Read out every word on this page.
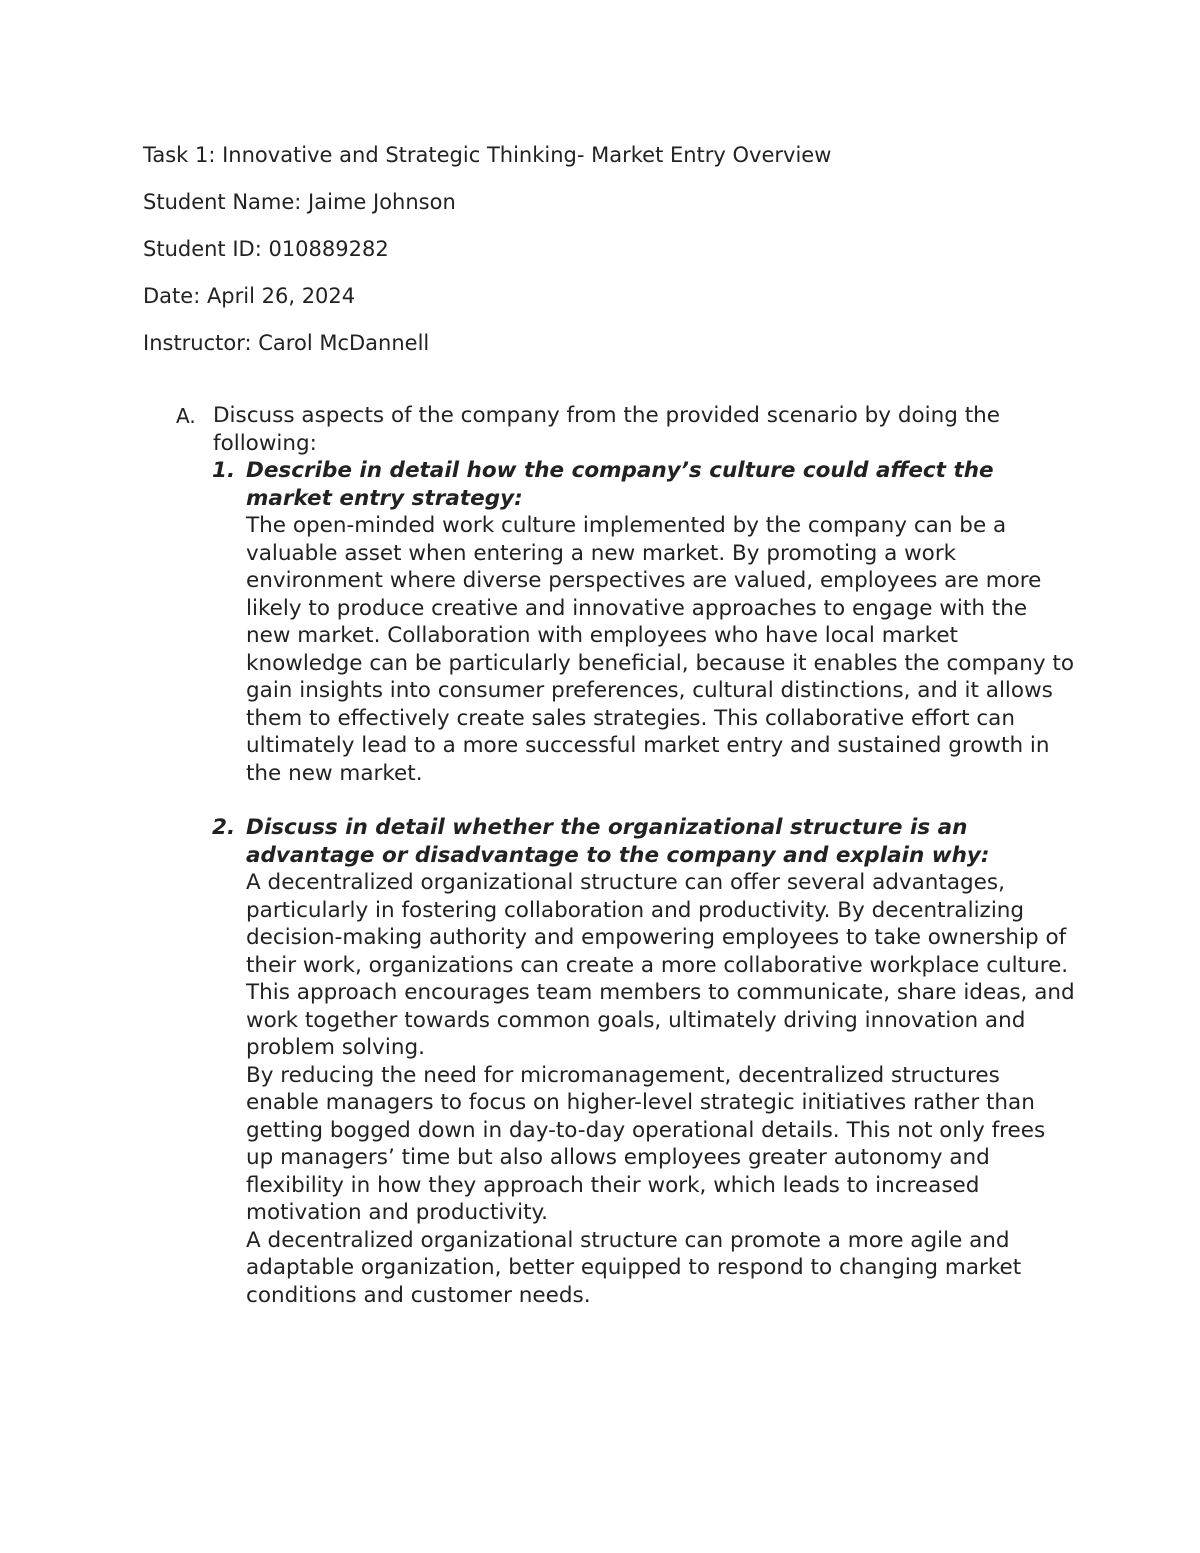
Task 1: Innovative and Strategic Thinking- Market Entry Overview

Student Name: Jaime Johnson

Student ID: 010889282

Date: April 26, 2024

Instructor: Carol McDannell

A. Discuss aspects of the company from the provided scenario by doing the following:
1. Describe in detail how the company’s culture could affect the market entry strategy:

The open-minded work culture implemented by the company can be a valuable asset when entering a new market. By promoting a work environment where diverse perspectives are valued, employees are more likely to produce creative and innovative approaches to engage with the new market. Collaboration with employees who have local market knowledge can be particularly beneficial, because it enables the company to gain insights into consumer preferences, cultural distinctions, and it allows them to effectively create sales strategies. This collaborative effort can ultimately lead to a more successful market entry and sustained growth in the new market.

2. Discuss in detail whether the organizational structure is an advantage or disadvantage to the company and explain why:

A decentralized organizational structure can offer several advantages, particularly in fostering collaboration and productivity. By decentralizing decision-making authority and empowering employees to take ownership of their work, organizations can create a more collaborative workplace culture. This approach encourages team members to communicate, share ideas, and work together towards common goals, ultimately driving innovation and problem solving.

By reducing the need for micromanagement, decentralized structures enable managers to focus on higher-level strategic initiatives rather than getting bogged down in day-to-day operational details. This not only frees up managers’ time but also allows employees greater autonomy and flexibility in how they approach their work, which leads to increased motivation and productivity.

A decentralized organizational structure can promote a more agile and adaptable organization, better equipped to respond to changing market conditions and customer needs.
